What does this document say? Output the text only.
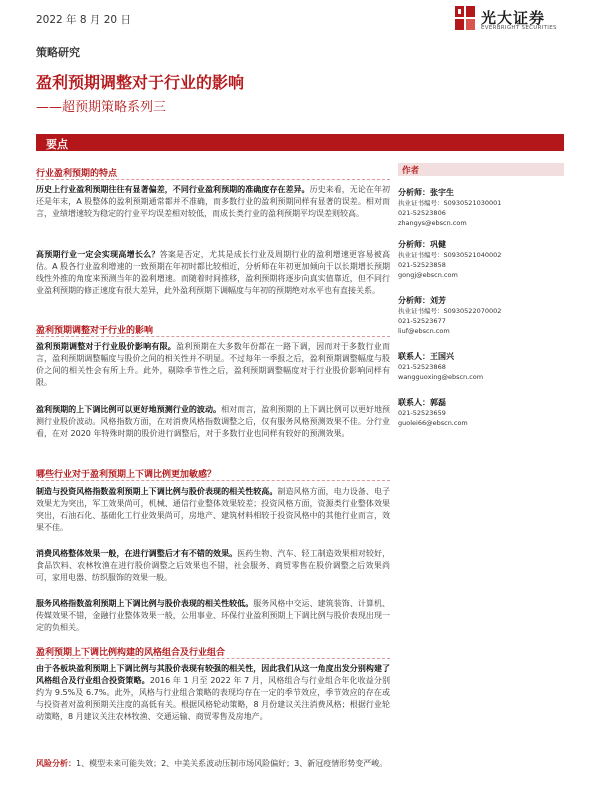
2022 年 8 月 20 日	光大证券
EVERBRIGHT SECURITIES
策略研究
盈利预期调整对于行业的影响
——超预期策略系列三
要点
行业盈利预期的特点
历史上行业盈利预期往往有显著偏差，不同行业盈利预期的准确度存在差异。历史来看，无论在年初还是年末，A 股整体的盈利预期通常都并不准确，而多数行业的盈利预期同样有显著的误差。相对而言，业绩增速较为稳定的行业平均误差相对较低，而成长类行业的盈利预期平均误差则较高。
高预期行业一定会实现高增长么？答案是否定，尤其是成长行业及周期行业的盈利增速更容易被高估。A 股各行业盈利增速的一致预期在年初时都比较相近，分析师在年初更加倾向于以长期增长预期线性外推的角度来预测当年的盈利增速。而随着时间推移，盈利预期将逐步向真实值靠近，但不同行业盈利预期的修正速度有很大差异，此外盈利预期下调幅度与年初的预期绝对水平也有直接关系。
盈利预期调整对于行业的影响
盈利预期调整对于行业股价影响有限。盈利预期在大多数年份都在一路下调，因而对于多数行业而言，盈利预期调整幅度与股价之间的相关性并不明显。不过每年一季报之后，盈利预期调整幅度与股价之间的相关性会有所上升。此外，剔除季节性之后，盈利预期调整幅度对于行业股价影响同样有限。
盈利预期的上下调比例可以更好地预测行业的波动。相对而言，盈利预期的上下调比例可以更好地预测行业股价波动。风格指数方面，在对消费风格指数调整之后，仅有服务风格预测效果不佳。分行业看，在对 2020 年特殊时期的股价进行调整后，对于多数行业也同样有较好的预测效果。
哪些行业对于盈利预期上下调比例更加敏感？
制造与投资风格指数盈利预期上下调比例与股价表现的相关性较高。制造风格方面，电力设备、电子效果尤为突出，军工效果尚可，机械、通信行业整体效果较差；投资风格方面，资源类行业整体效果突出，石油石化、基础化工行业效果尚可，房地产、建筑材料相较于投资风格中的其他行业而言，效果不佳。
消费风格整体效果一般，在进行调整后才有不错的效果。医药生物、汽车、轻工制造效果相对较好，食品饮料、农林牧渔在进行股价调整之后效果也不错，社会服务、商贸零售在股价调整之后效果尚可，家用电器、纺织服饰的效果一般。
服务风格指数盈利预期上下调比例与股价表现的相关性较低。服务风格中交运、建筑装饰、计算机、传媒效果不错，金融行业整体效果一般，公用事业、环保行业盈利预期上下调比例与股价表现出现一定的负相关。
盈利预期上下调比例构建的风格组合及行业组合
由于各板块盈利预期上下调比例与其股价表现有较强的相关性，因此我们从这一角度出发分别构建了风格组合及行业组合投资策略。2016 年 1 月至 2022 年 7 月，风格组合与行业组合年化收益分别约为 9.5%及 6.7%。此外，风格与行业组合策略的表现均存在一定的季节效应，季节效应的存在或与投资者对盈利预期关注度的高低有关。根据风格轮动策略，8 月份建议关注消费风格；根据行业轮动策略，8 月建议关注农林牧渔、交通运输、商贸零售及房地产。
风险分析：1、模型未来可能失效；2、中美关系波动压制市场风险偏好；3、新冠疫情形势变严峻。
作者
分析师：张宇生
执业证书编号：S0930521030001
021-52523806
zhangys@ebscn.com
分析师：巩健
执业证书编号：S0930521040002
021-52523858
gongj@ebscn.com
分析师：刘芳
执业证书编号：S0930522070002
021-52523677
liuf@ebscn.com
联系人：王国兴
021-52523868
wangguoxing@ebscn.com
联系人：郭磊
021-52523659
guolei66@ebscn.com
